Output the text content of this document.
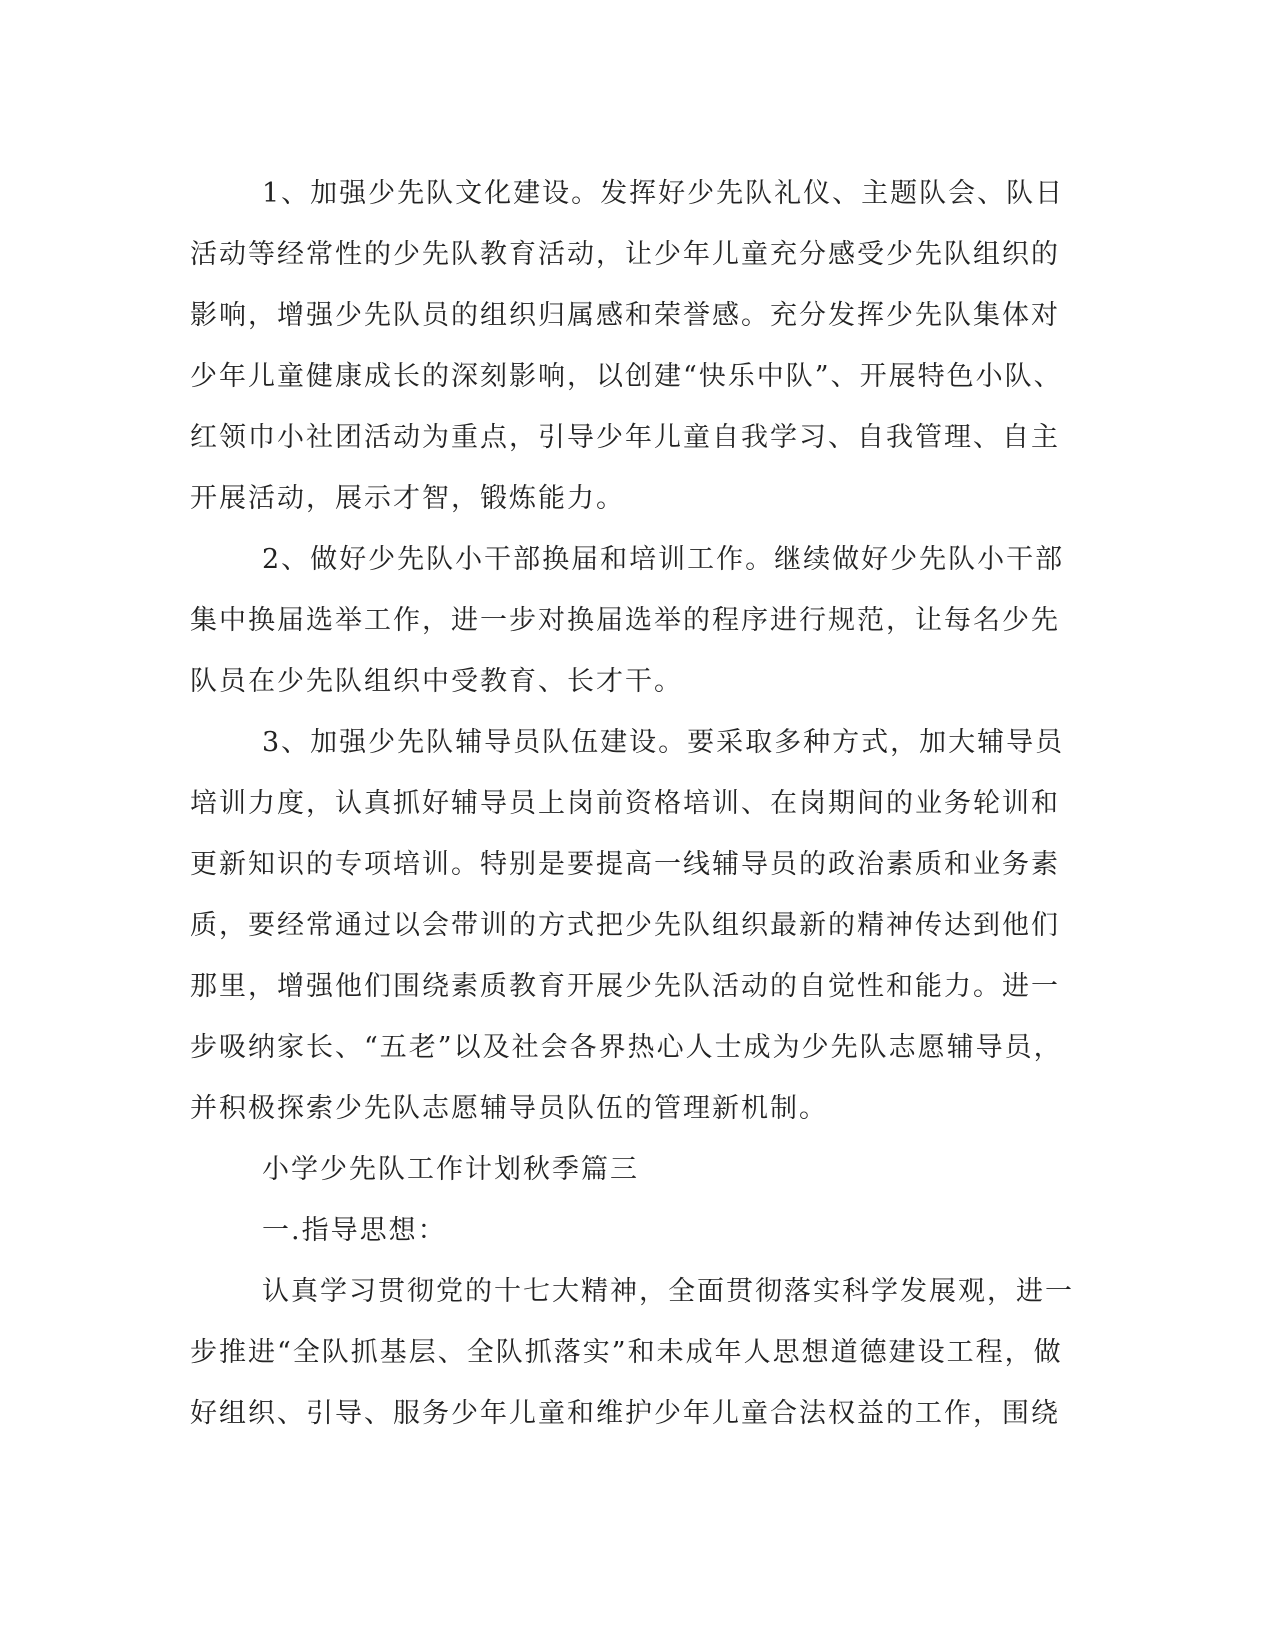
1、加强少先队文化建设。发挥好少先队礼仪、主题队会、队日
活动等经常性的少先队教育活动，让少年儿童充分感受少先队组织的
影响，增强少先队员的组织归属感和荣誉感。充分发挥少先队集体对
少年儿童健康成长的深刻影响，以创建“快乐中队”、开展特色小队、
红领巾小社团活动为重点，引导少年儿童自我学习、自我管理、自主
开展活动，展示才智，锻炼能力。

2、做好少先队小干部换届和培训工作。继续做好少先队小干部
集中换届选举工作，进一步对换届选举的程序进行规范，让每名少先
队员在少先队组织中受教育、长才干。

3、加强少先队辅导员队伍建设。要采取多种方式，加大辅导员
培训力度，认真抓好辅导员上岗前资格培训、在岗期间的业务轮训和
更新知识的专项培训。特别是要提高一线辅导员的政治素质和业务素
质，要经常通过以会带训的方式把少先队组织最新的精神传达到他们
那里，增强他们围绕素质教育开展少先队活动的自觉性和能力。进一
步吸纳家长、“五老”以及社会各界热心人士成为少先队志愿辅导员，
并积极探索少先队志愿辅导员队伍的管理新机制。

小学少先队工作计划秋季篇三

一.指导思想：

认真学习贯彻党的十七大精神，全面贯彻落实科学发展观，进一
步推进“全队抓基层、全队抓落实”和未成年人思想道德建设工程，做
好组织、引导、服务少年儿童和维护少年儿童合法权益的工作，围绕
